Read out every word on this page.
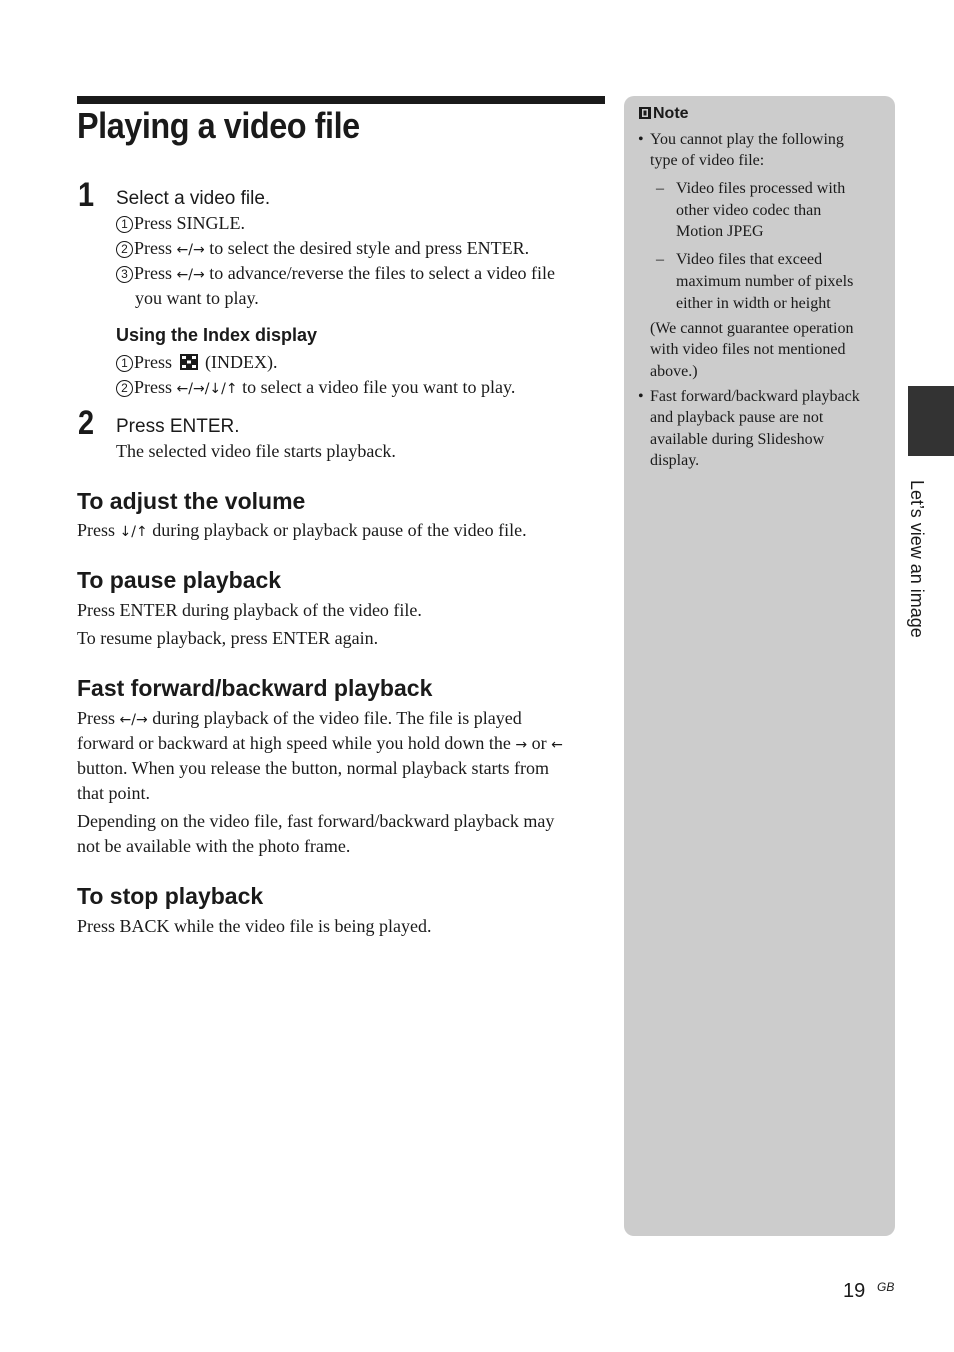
Playing a video file
1 Select a video file.
1 Press SINGLE.
2 Press ←/→ to select the desired style and press ENTER.
3 Press ←/→ to advance/reverse the files to select a video file
you want to play.
Using the Index display
1 Press  (INDEX).
2 Press ←/→/↓/↑ to select a video file you want to play.
2 Press ENTER.
The selected video file starts playback.
To adjust the volume
Press ↓/↑ during playback or playback pause of the video file.
To pause playback
Press ENTER during playback of the video file.
To resume playback, press ENTER again.
Fast forward/backward playback
Press ←/→ during playback of the video file. The file is played
forward or backward at high speed while you hold down the → or ←
button. When you release the button, normal playback starts from
that point.
Depending on the video file, fast forward/backward playback may
not be available with the photo frame.
To stop playback
Press BACK while the video file is being played.
Note
• You cannot play the following
type of video file:
– Video files processed with
other video codec than
Motion JPEG
– Video files that exceed
maximum number of pixels
either in width or height
(We cannot guarantee operation
with video files not mentioned
above.)
• Fast forward/backward playback
and playback pause are not
available during Slideshow
display.
Let’s view an image
19 GB
